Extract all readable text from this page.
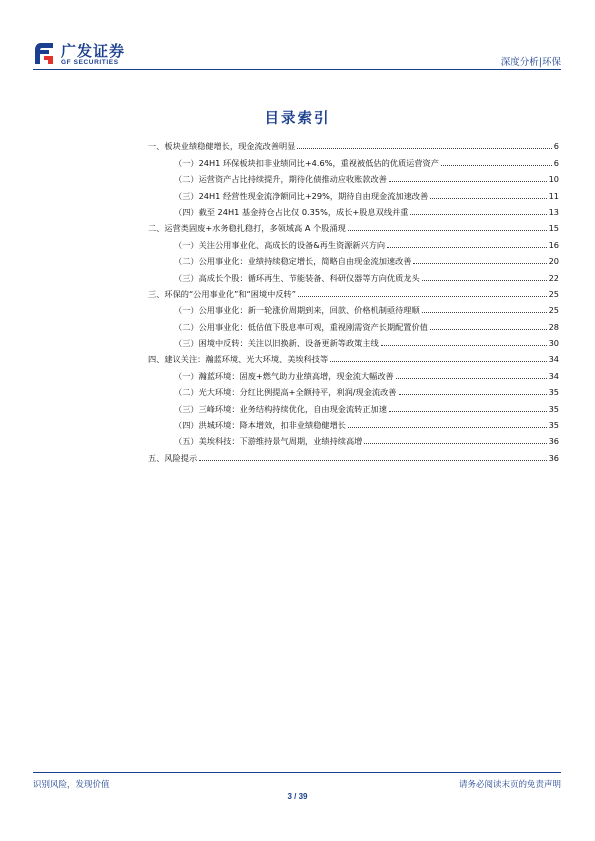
广发证券
GF SECURITIES	深度分析|环保
目录索引
一、板块业绩稳健增长，现金流改善明显	6
（一）24H1 环保板块扣非业绩同比+4.6%，重视被低估的优质运营资产	6
（二）运营资产占比持续提升，期待化债推动应收账款改善	10
（三）24H1 经营性现金流净额同比+29%，期待自由现金流加速改善	11
（四）截至 24H1 基金持仓占比仅 0.35%，成长+股息双线并重	13
二、运营类固废+水务稳扎稳打，多领域高 A 个股涌现	15
（一）关注公用事业化、高成长的设备&再生资源新兴方向	16
（二）公用事业化：业绩持续稳定增长，简略自由现金流加速改善	20
（三）高成长个股：循环再生、节能装备、科研仪器等方向优质龙头	22
三、环保的“公用事业化”和“困境中反转”	25
（一）公用事业化：新一轮涨价周期到来，回款、价格机制亟待理顺	25
（二）公用事业化：低估值下股息率可观，重视刚需资产长期配置价值	28
（三）困境中反转：关注以旧换新、设备更新等政策主线	30
四、建议关注：瀚蓝环境、光大环境、美埃科技等	34
（一）瀚蓝环境：固废+燃气助力业绩高增，现金流大幅改善	34
（二）光大环境：分红比例提高+全额持平，利润/现金流改善	35
（三）三峰环境：业务结构持续优化，自由现金流转正加速	35
（四）洪城环境：降本增效，扣非业绩稳健增长	35
（五）美埃科技：下游维持景气周期，业绩持续高增	36
五、风险提示	36
识别风险，发现价值	请务必阅读末页的免责声明
3 / 39
